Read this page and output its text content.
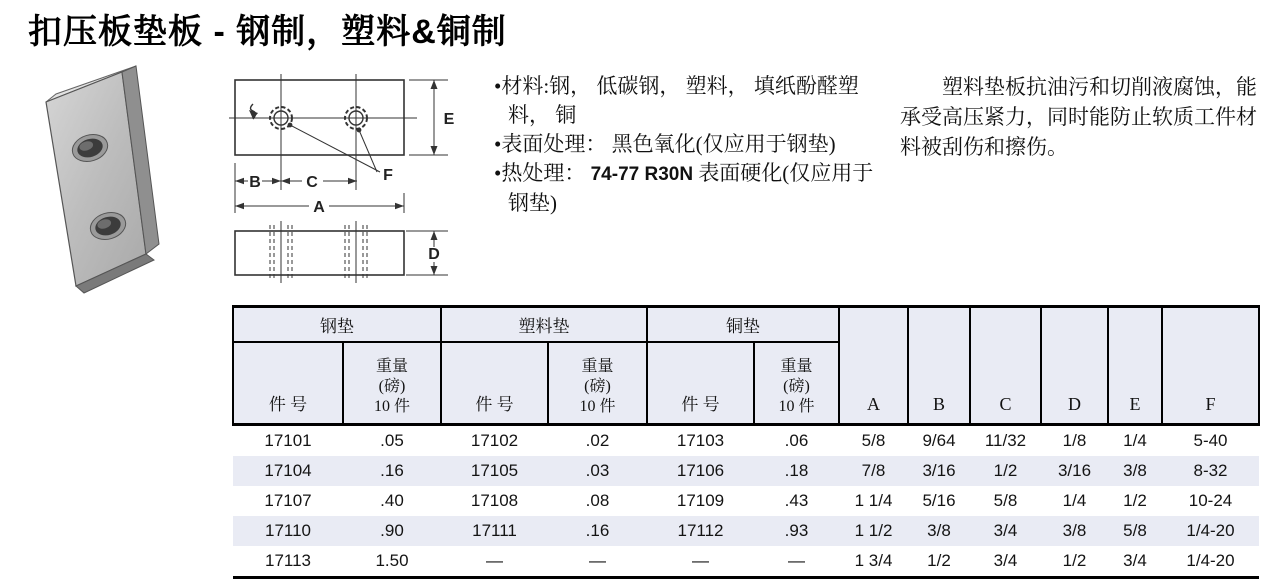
扣压板垫板 - 钢制，塑料&铜制
E
B	C
A
F
D
•材料:钢， 低碳钢， 塑料， 填纸酚醛塑料， 铜
•表面处理： 黑色氧化(仅应用于钢垫)
•热处理： 74-77 R30N 表面硬化(仅应用于钢垫)

塑料垫板抗油污和切削液腐蚀，能承受高压紧力，同时能防止软质工件材料被刮伤和擦伤。

钢垫		塑料垫		铜垫		A	B	C	D	E	F
件 号	重量
(磅)
10 件	件 号	重量
(磅)
10 件	件 号	重量
(磅)
10 件						

17101	.05	17102	.02	17103	.06	5/8	9/64	11/32	1/8	1/4	5-40
17104	.16	17105	.03	17106	.18	7/8	3/16	1/2	3/16	3/8	8-32
17107	.40	17108	.08	17109	.43	1 1/4	5/16	5/8	1/4	1/2	10-24
17110	.90	17111	.16	17112	.93	1 1/2	3/8	3/4	3/8	5/8	1/4-20
17113	1.50	—	—	—	—	1 3/4	1/2	3/4	1/2	3/4	1/4-20
